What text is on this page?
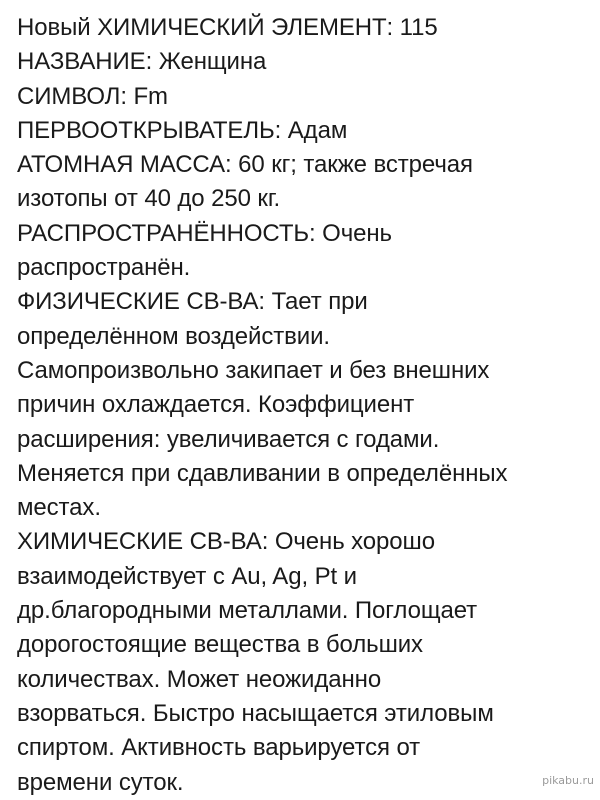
Новый ХИМИЧЕСКИЙ ЭЛЕМЕНТ: 115
НАЗВАНИЕ: Женщина
СИМВОЛ: Fm
ПЕРВООТКРЫВАТЕЛЬ: Адам
АТОМНАЯ МАССА: 60 кг; также встречая
изотопы от 40 до 250 кг.
РАСПРОСТРАНЁННОСТЬ: Очень
распространён.
ФИЗИЧЕСКИЕ СВ-ВА: Тает при
определённом воздействии.
Самопроизвольно закипает и без внешних
причин охлаждается. Коэффициент
расширения: увеличивается с годами.
Меняется при сдавливании в определённых
местах.
ХИМИЧЕСКИЕ СВ-ВА: Очень хорошо
взаимодействует с Au, Ag, Pt и
др.благородными металлами. Поглощает
дорогостоящие вещества в больших
количествах. Может неожиданно
взорваться. Быстро насыщается этиловым
спиртом. Активность варьируется от
времени суток.	pikabu.ru
